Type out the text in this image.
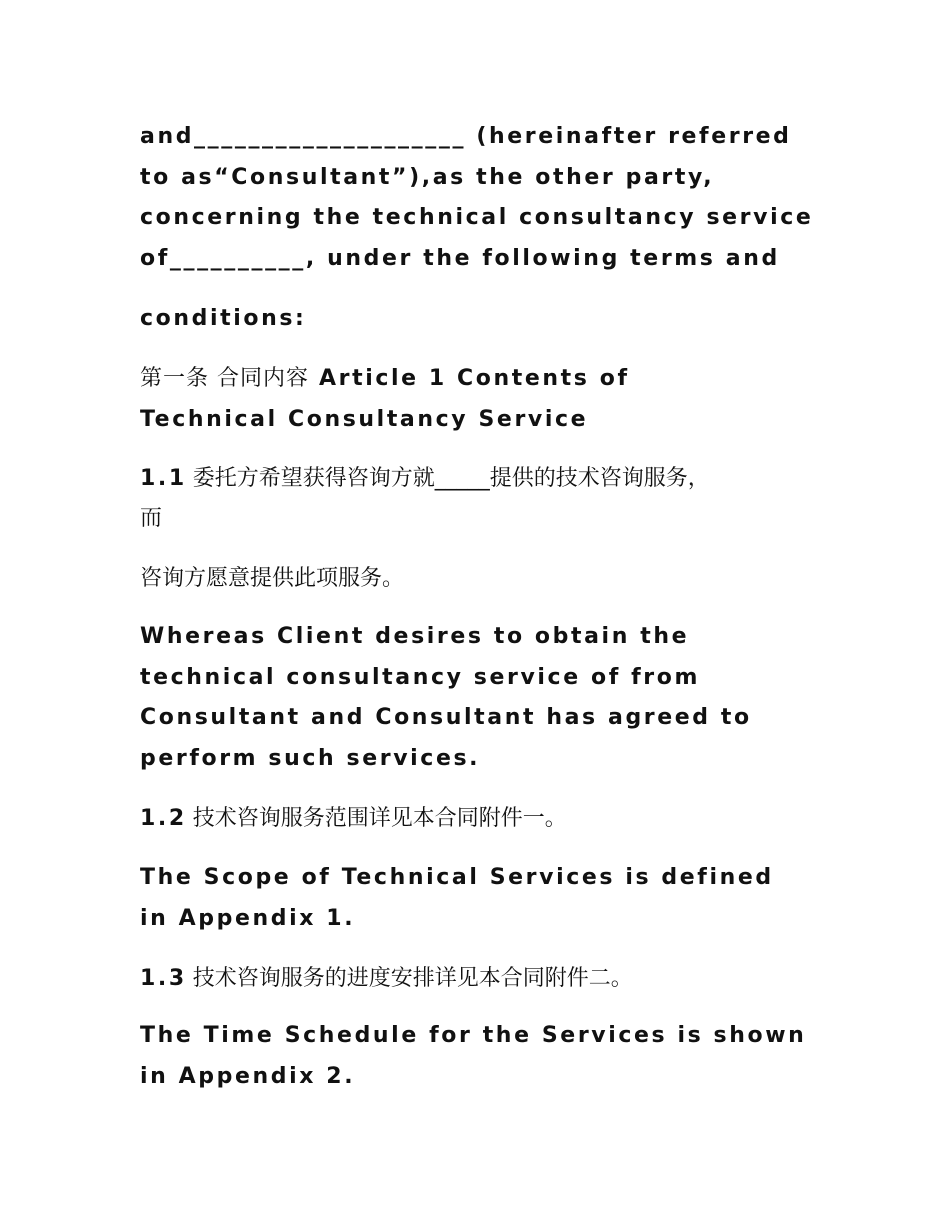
and____________________ (hereinafter referred

to as“Consultant”),as the other party,

concerning the technical consultancy service

of__________, under the following terms and

conditions:

第一条 合同内容 Article 1 Contents of

Technical Consultancy Service

1.1 委托方希望获得咨询方就_____提供的技术咨询服务，

而

咨询方愿意提供此项服务。

Whereas Client desires to obtain the

technical consultancy service of from

Consultant and Consultant has agreed to

perform such services.

1.2 技术咨询服务范围详见本合同附件一。

The Scope of Technical Services is defined

in Appendix 1.

1.3 技术咨询服务的进度安排详见本合同附件二。

The Time Schedule for the Services is shown

in Appendix 2.
